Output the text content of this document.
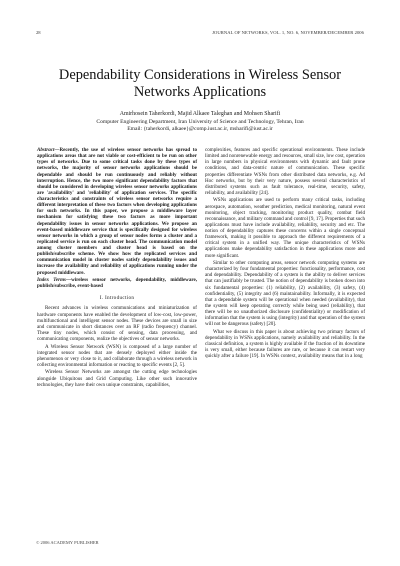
28	JOURNAL OF NETWORKS, VOL. 1, NO. 6, NOVEMBER/DECEMBER 2006
Dependability Considerations in Wireless Sensor Networks Applications
Amirhosein Taherkordi, Majid Alkaee Taleghan and Mohsen Sharifi
Computer Engineering Department, Iran University of Science and Technology, Tehran, Iran
Email: {taherkordi, alkaee}@comp.iust.ac.ir, msharifi@iust.ac.ir

Abstract—Recently, the use of wireless sensor networks has spread to applications areas that are not viable or cost-efficient to be run on other types of networks. Due to some critical tasks done by these types of networks, the majority of sensor networks applications should be dependable and should be run continuously and reliably without interruption. Hence, the two more significant dependability factors that should be considered in developing wireless sensor networks applications are 'availability' and 'reliability' of application services. The specific characteristics and constraints of wireless sensor networks require a different interpretation of these two factors when developing applications for such networks. In this paper, we propose a middleware layer mechanism for satisfying these two factors as more important dependability issues in sensor networks applications. We propose an event-based middleware service that is specifically designed for wireless sensor networks in which a group of sensor nodes forms a cluster and a replicated service is run on each cluster head. The communication model among cluster members and cluster head is based on the publish/subscribe scheme. We show how the replicated services and communication model in cluster nodes satisfy dependability issues and increase the availability and reliability of applications running under the proposed middleware.

Index Terms—wireless sensor networks, dependability, middleware, publish/subscribe, event-based

I. Introduction

Recent advances in wireless communications and miniaturization of hardware components have enabled the development of low-cost, low-power, multifunctional and intelligent sensor nodes. These devices are small in size and communicate in short distances over an RF (radio frequency) channel. These tiny nodes, which consist of sensing, data processing, and communicating components, realize the objectives of sensor networks.

A Wireless Sensor Network (WSN) is composed of a large number of integrated sensor nodes that are densely deployed either inside the phenomenon or very close to it, and collaborate through a wireless network in collecting environmental information or reacting to specific events [2, 5].

Wireless Sensor Networks are amongst the cutting edge technologies alongside Ubiquitous and Grid Computing. Like other such innovative technologies, they have their own unique constraints, capabilities,

complexities, features and specific operational environments. These include limited and nonrenewable energy and resources, small size, low cost, operation in large numbers in physical environments with dynamic and fault prone conditions, and data-centric nature of communication. These specific properties differentiate WSNs from other distributed data networks, e.g. Ad Hoc networks, but by their very nature, possess several characteristics of distributed systems such as fault tolerance, real-time, security, safety, reliability, and availability [24].

WSNs applications are used to perform many critical tasks, including aerospace, automation, weather prediction, medical monitoring, natural event monitoring, object tracking, monitoring product quality, combat field reconnaissance, and military command and control [9, 17]. Properties that such applications must have include availability, reliability, security and etc. The notion of dependability captures these concerns within a single conceptual framework, making it possible to approach the different requirements of a critical system in a unified way. The unique characteristics of WSNs applications make dependability satisfaction in these applications more and more significant.

Similar to other computing areas, sensor network computing systems are characterized by four fundamental properties: functionality, performance, cost and dependability. Dependability of a system is the ability to deliver services that can justifiably be trusted. The notion of dependability is broken down into six fundamental properties: (1) reliability, (2) availability, (3) safety, (4) confidentiality, (5) integrity and (6) maintainability. Informally, it is expected that a dependable system will be operational when needed (availability), that the system will keep operating correctly while being used (reliability), that there will be no unauthorized disclosure (confidentiality) or modification of information that the system is using (integrity) and that operation of the system will not be dangerous (safety) [20].

What we discuss in this paper is about achieving two primary factors of dependability in WSNs applications, namely availability and reliability. In the classical definition, a system is highly available if the fraction of its downtime is very small, either because failures are rare, or because it can restart very quickly after a failure [19]. In WSNs context, availability means that in a long

© 2006 ACADEMY PUBLISHER
